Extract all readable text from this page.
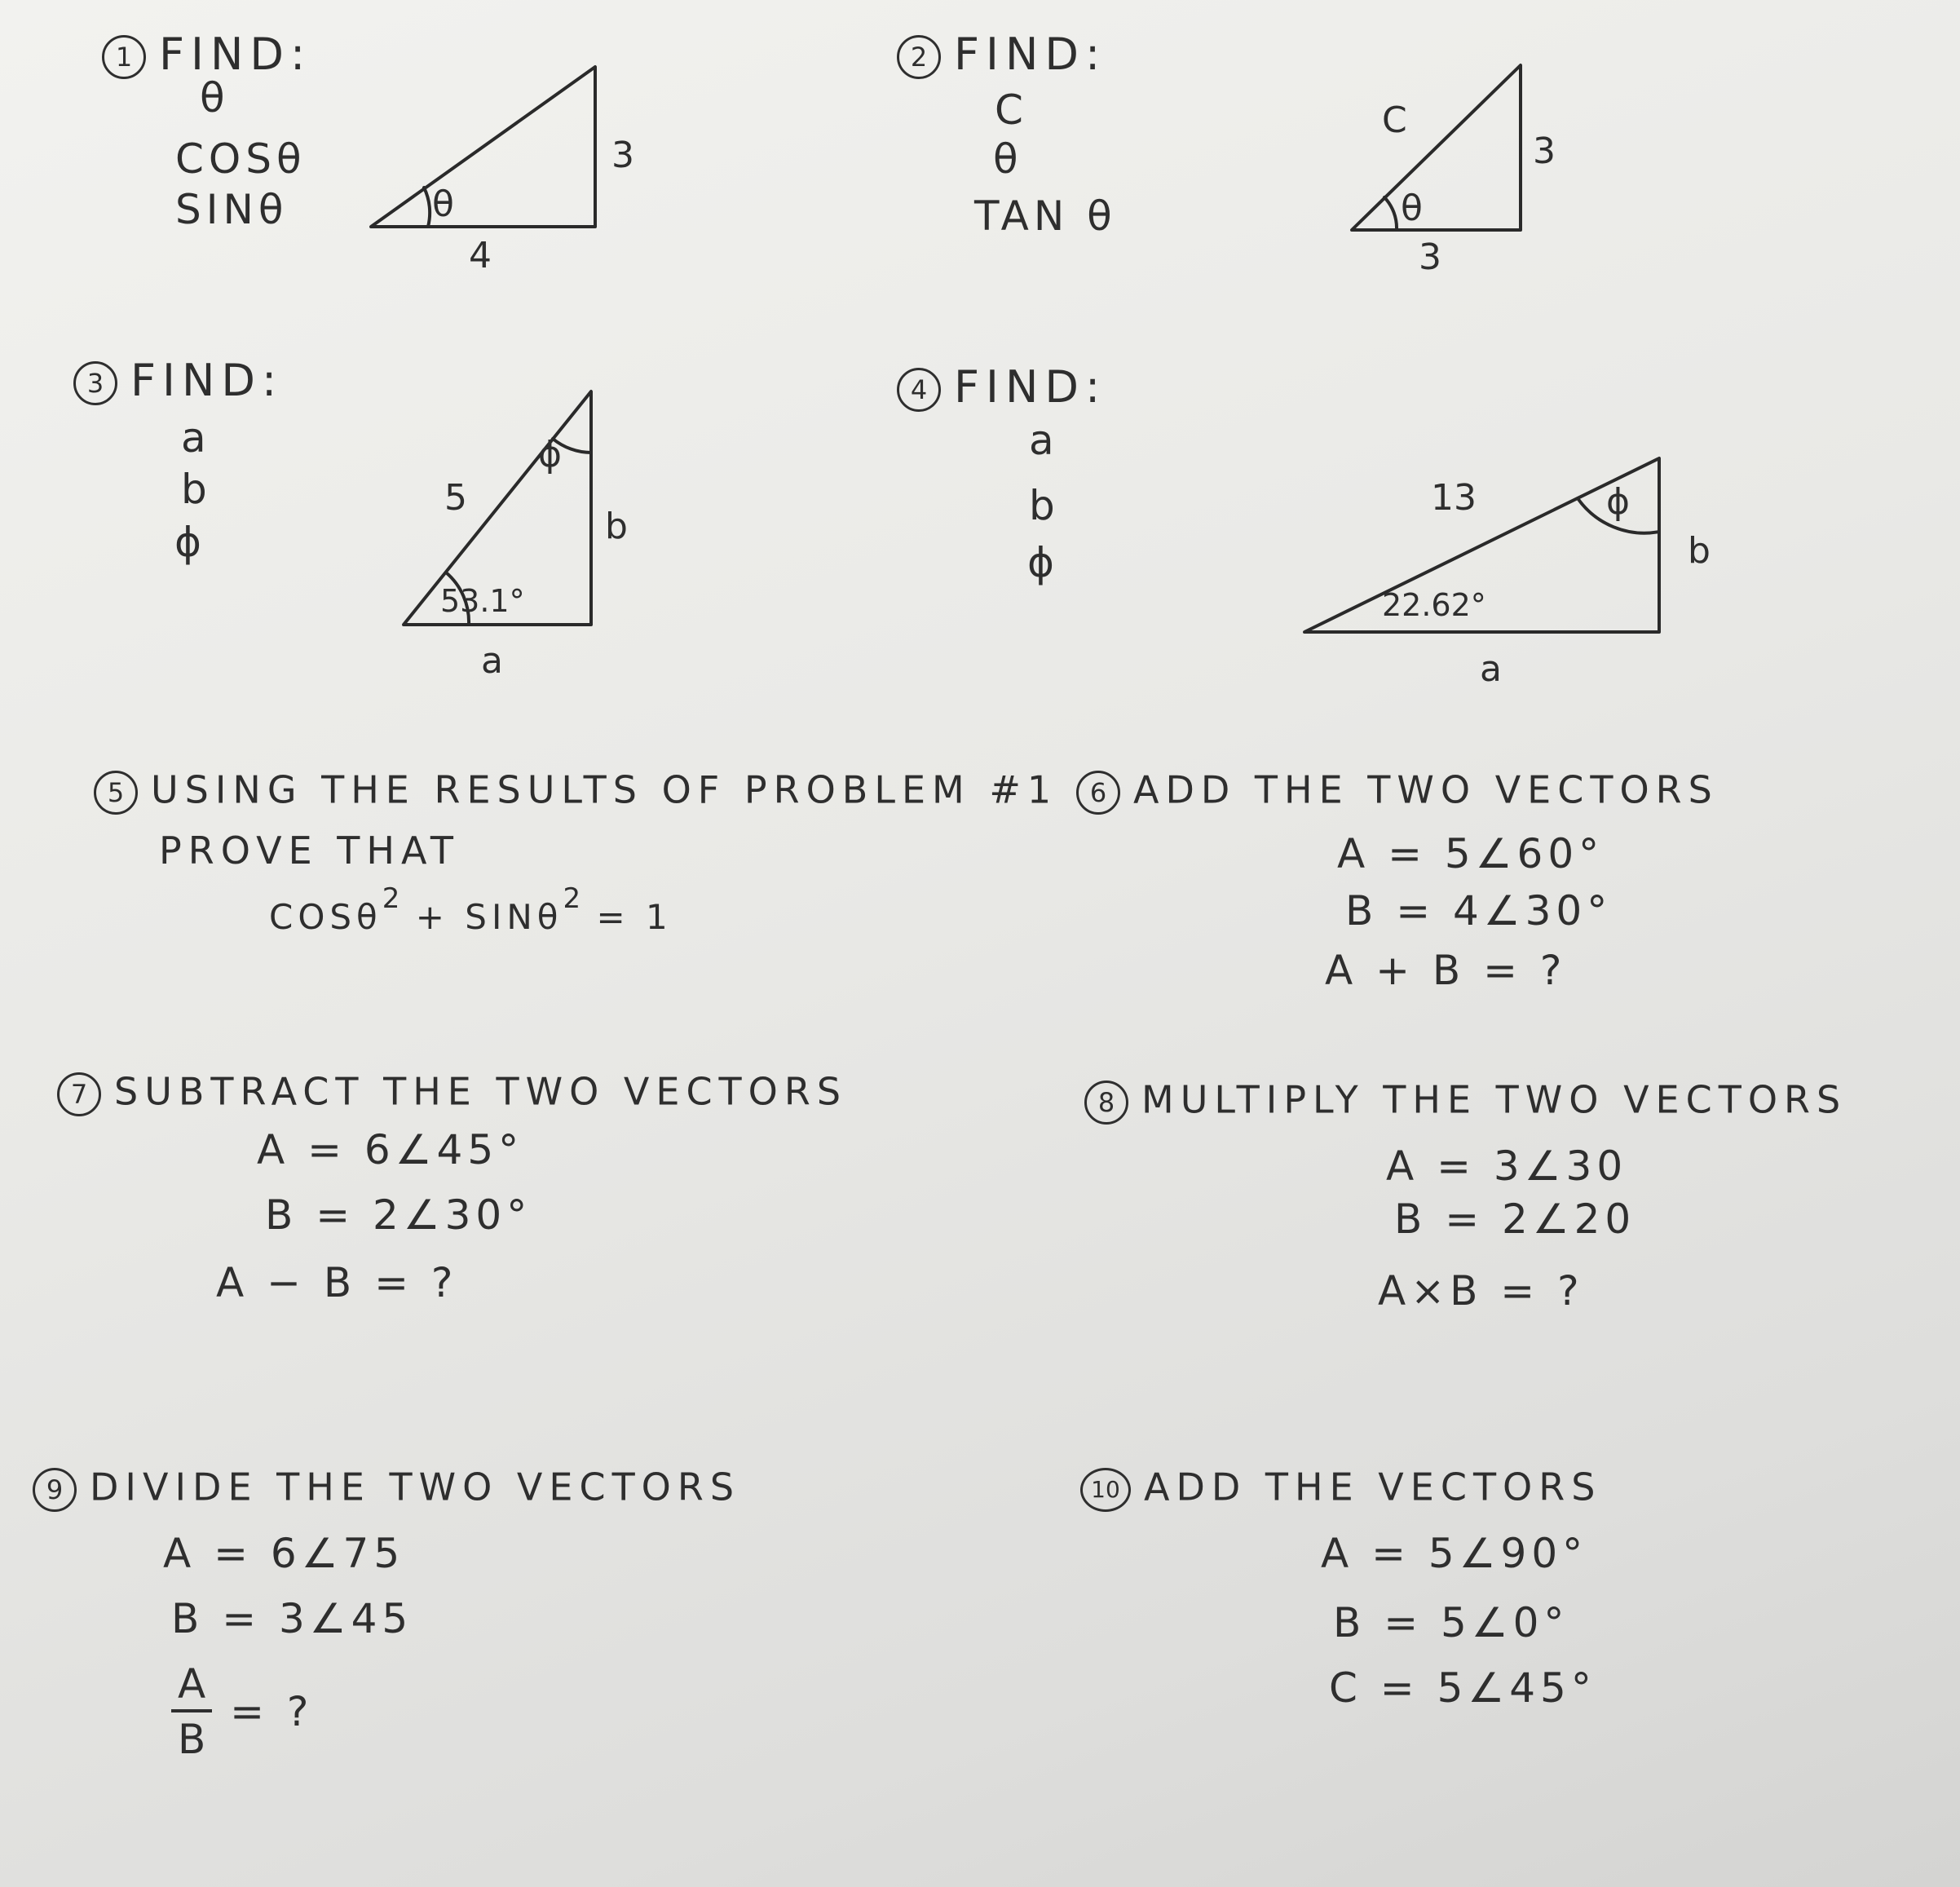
1 FIND:
θ
COSθ
SINθ	θ
3
4
2 FIND:
C
θ
TAN θ	θ
C
3
3
3 FIND:
a
b
ϕ
ϕ
53.1°
5
b
a
4 FIND:
a
b
ϕ
ϕ
22.62°
13
b
a
5 USING THE RESULTS OF PROBLEM #1
PROVE THAT
COSθ$^2$ + SINθ$^2$ = 1
6 ADD THE TWO VECTORS
A = 5∠60°
B = 4∠30°
A + B = ?
7 SUBTRACT THE TWO VECTORS
A = 6∠45°
B = 2∠30°
A − B = ?
8 MULTIPLY THE TWO VECTORS
A = 3∠30
B = 2∠20
A×B = ?
9 DIVIDE THE TWO VECTORS
A = 6∠75
B = 3∠45
$\frac{A}{B}$ = ?
10 ADD THE VECTORS
A = 5∠90°
B = 5∠0°
C = 5∠45°
